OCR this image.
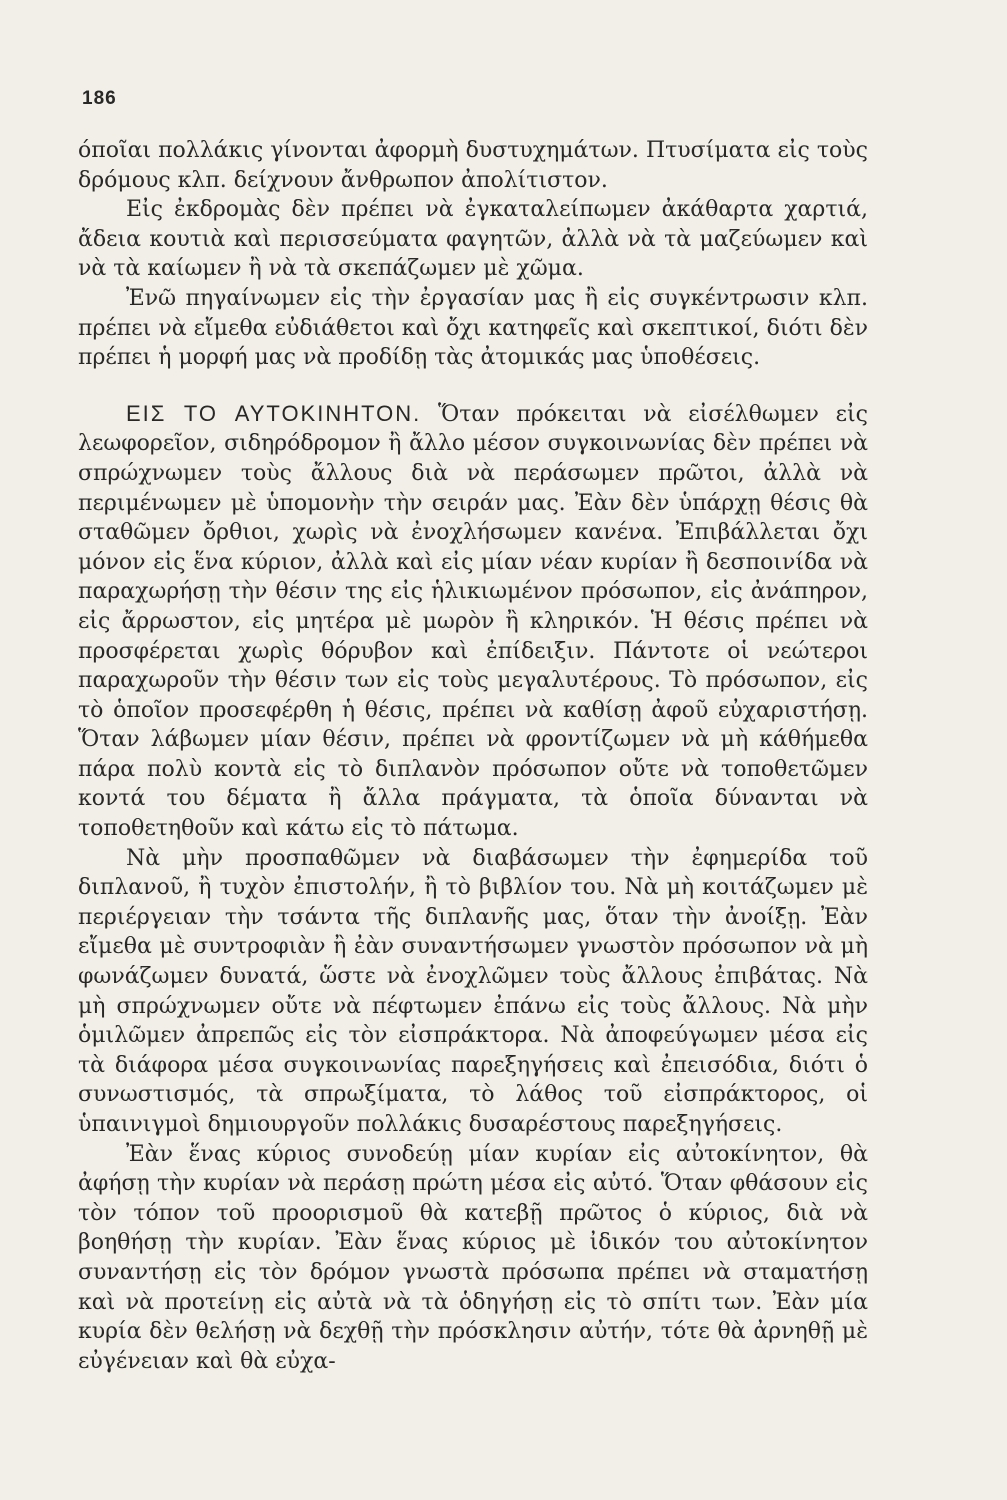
186

όποῖαι πολλάκις γίνονται ἀφορμὴ δυστυχημάτων. Πτυσίματα εἰς τοὺς δρόμους κλπ. δείχνουν ἄνθρωπον ἀπολίτιστον.

Εἰς ἐκδρομὰς δὲν πρέπει νὰ ἐγκαταλείπωμεν ἀκάθαρτα χαρτιά, ἄδεια κουτιὰ καὶ περισσεύματα φαγητῶν, ἀλλὰ νὰ τὰ μαζεύωμεν καὶ νὰ τὰ καίωμεν ἢ νὰ τὰ σκεπάζωμεν μὲ χῶμα.

Ἐνῶ πηγαίνωμεν εἰς τὴν ἐργασίαν μας ἢ εἰς συγκέντρωσιν κλπ. πρέπει νὰ εἴμεθα εὐδιάθετοι καὶ ὄχι κατηφεῖς καὶ σκεπτικοί, διότι δὲν πρέπει ἡ μορφή μας νὰ προδίδῃ τὰς ἀτομικάς μας ὑποθέσεις.

ΕΙΣ ΤΟ ΑΥΤΟΚΙΝΗΤΟΝ. Ὅταν πρόκειται νὰ εἰσέλθωμεν εἰς λεωφορεῖον, σιδηρόδρομον ἢ ἄλλο μέσον συγκοινωνίας δὲν πρέπει νὰ σπρώχνωμεν τοὺς ἄλλους διὰ νὰ περάσωμεν πρῶτοι, ἀλλὰ νὰ περιμένωμεν μὲ ὑπομονὴν τὴν σειράν μας. Ἐὰν δὲν ὑπάρχῃ θέσις θὰ σταθῶμεν ὄρθιοι, χωρὶς νὰ ἐνοχλήσωμεν κανένα. Ἐπιβάλλεται ὄχι μόνον εἰς ἕνα κύριον, ἀλλὰ καὶ εἰς μίαν νέαν κυρίαν ἢ δεσποινίδα νὰ παραχωρήσῃ τὴν θέσιν της εἰς ἡλικιωμένον πρόσωπον, εἰς ἀνάπηρον, εἰς ἄρρωστον, εἰς μητέρα μὲ μωρὸν ἢ κληρικόν. Ἡ θέσις πρέπει νὰ προσφέρεται χωρὶς θόρυβον καὶ ἐπίδειξιν. Πάντοτε οἱ νεώτεροι παραχωροῦν τὴν θέσιν των εἰς τοὺς μεγαλυτέρους. Τὸ πρόσωπον, εἰς τὸ ὁποῖον προσεφέρθη ἡ θέσις, πρέπει νὰ καθίσῃ ἀφοῦ εὐχαριστήσῃ. Ὅταν λάβωμεν μίαν θέσιν, πρέπει νὰ φροντίζωμεν νὰ μὴ κάθήμεθα πάρα πολὺ κοντὰ εἰς τὸ διπλανὸν πρόσωπον οὔτε νὰ τοποθετῶμεν κοντά του δέματα ἢ ἄλλα πράγματα, τὰ ὁποῖα δύνανται νὰ τοποθετηθοῦν καὶ κάτω εἰς τὸ πάτωμα.

Νὰ μὴν προσπαθῶμεν νὰ διαβάσωμεν τὴν ἐφημερίδα τοῦ διπλανοῦ, ἢ τυχὸν ἐπιστολήν, ἢ τὸ βιβλίον του. Νὰ μὴ κοιτάζωμεν μὲ περιέργειαν τὴν τσάντα τῆς διπλανῆς μας, ὅταν τὴν ἀνοίξῃ. Ἐὰν εἴμεθα μὲ συντροφιὰν ἢ ἐὰν συναντήσωμεν γνωστὸν πρόσωπον νὰ μὴ φωνάζωμεν δυνατά, ὥστε νὰ ἐνοχλῶμεν τοὺς ἄλλους ἐπιβάτας. Νὰ μὴ σπρώχνωμεν οὔτε νὰ πέφτωμεν ἐπάνω εἰς τοὺς ἄλλους. Νὰ μὴν ὁμιλῶμεν ἀπρεπῶς εἰς τὸν εἰσπράκτορα. Νὰ ἀποφεύγωμεν μέσα εἰς τὰ διάφορα μέσα συγκοινωνίας παρεξηγήσεις καὶ ἐπεισόδια, διότι ὁ συνωστισμός, τὰ σπρωξίματα, τὸ λάθος τοῦ εἰσπράκτορος, οἱ ὑπαινιγμοὶ δημιουργοῦν πολλάκις δυσαρέστους παρεξηγήσεις.

Ἐὰν ἕνας κύριος συνοδεύῃ μίαν κυρίαν εἰς αὐτοκίνητον, θὰ ἀφήσῃ τὴν κυρίαν νὰ περάσῃ πρώτη μέσα εἰς αὐτό. Ὅταν φθάσουν εἰς τὸν τόπον τοῦ προορισμοῦ θὰ κατεβῇ πρῶτος ὁ κύριος, διὰ νὰ βοηθήσῃ τὴν κυρίαν. Ἐὰν ἕνας κύριος μὲ ἰδικόν του αὐτοκίνητον συναντήσῃ εἰς τὸν δρόμον γνωστὰ πρόσωπα πρέπει νὰ σταματήσῃ καὶ νὰ προτείνῃ εἰς αὐτὰ νὰ τὰ ὁδηγήσῃ εἰς τὸ σπίτι των. Ἐὰν μία κυρία δὲν θελήσῃ νὰ δεχθῇ τὴν πρόσκλησιν αὐτήν, τότε θὰ ἀρνηθῇ μὲ εὐγένειαν καὶ θὰ εὐχα-
